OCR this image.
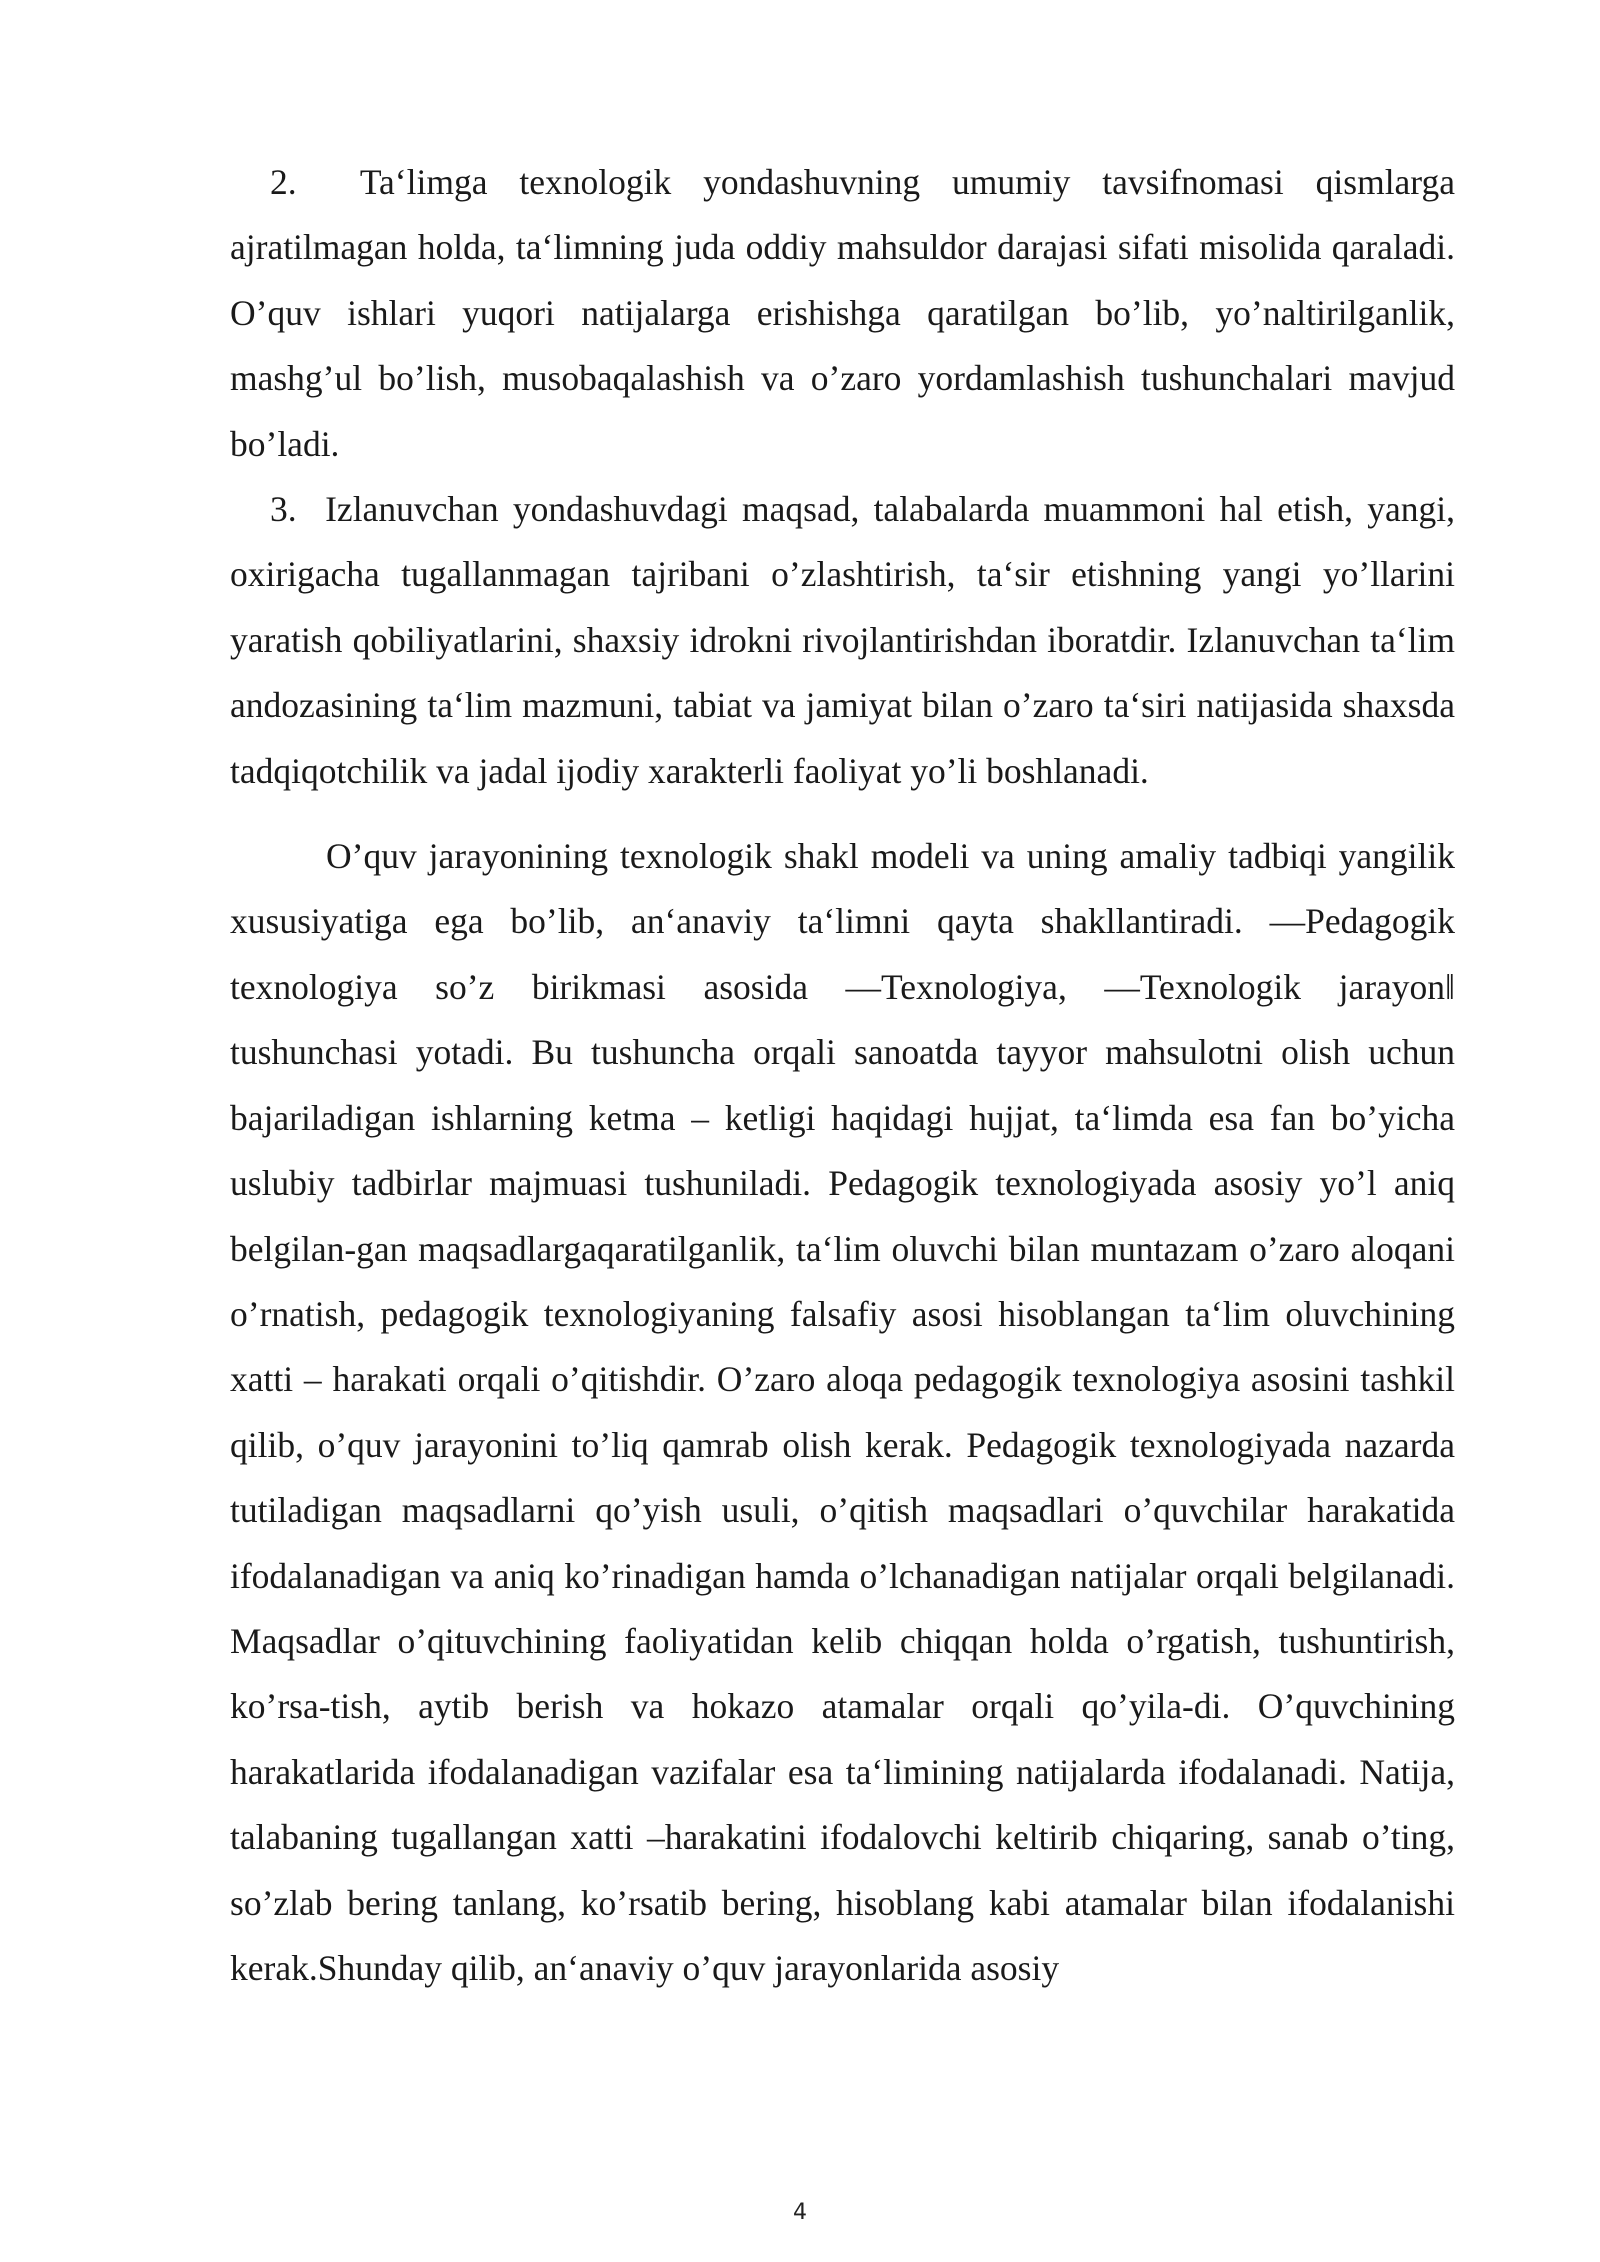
2.  Ta‘limga texnologik yondashuvning umumiy tavsifnomasi qismlarga ajratilmagan holda, ta‘limning juda oddiy mahsuldor darajasi sifati misolida qaraladi. O’quv ishlari yuqori natijalarga erishishga qaratilgan bo’lib, yo’naltirilganlik, mashg’ul bo’lish, musobaqalashish va o’zaro yordamlashish tushunchalari mavjud bo’ladi.

3.  Izlanuvchan yondashuvdagi maqsad, talabalarda muammoni hal etish, yangi, oxirigacha tugallanmagan tajribani o’zlashtirish, ta‘sir etishning yangi yo’llarini yaratish qobiliyatlarini, shaxsiy idrokni rivojlantirishdan iboratdir. Izlanuvchan ta‘lim andozasining ta‘lim mazmuni, tabiat va jamiyat bilan o’zaro ta‘siri natijasida shaxsda tadqiqotchilik va jadal ijodiy xarakterli faoliyat yo’li boshlanadi.

O’quv jarayonining texnologik shakl modeli va uning amaliy tadbiqi yangilik xususiyatiga ega bo’lib, an‘anaviy ta‘limni qayta shakllantiradi. —Pedagogik texnologiya so’z birikmasi asosida —Texnologiya, —Texnologik jarayon‖ tushunchasi yotadi. Bu tushuncha orqali sanoatda tayyor mahsulotni olish uchun bajariladigan ishlarning ketma – ketligi haqidagi hujjat, ta‘limda esa fan bo’yicha uslubiy tadbirlar majmuasi tushuniladi. Pedagogik texnologiyada asosiy yo’l aniq belgilan-gan maqsadlargaqaratilganlik, ta‘lim oluvchi bilan muntazam o’zaro aloqani o’rnatish, pedagogik texnologiyaning falsafiy asosi hisoblangan ta‘lim oluvchining xatti – harakati orqali o’qitishdir. O’zaro aloqa pedagogik texnologiya asosini tashkil qilib, o’quv jarayonini to’liq qamrab olish kerak. Pedagogik texnologiyada nazarda tutiladigan maqsadlarni qo’yish usuli, o’qitish maqsadlari o’quvchilar harakatida ifodalanadigan va aniq ko’rinadigan hamda o’lchanadigan natijalar orqali belgilanadi. Maqsadlar o’qituvchining faoliyatidan kelib chiqqan holda o’rgatish, tushuntirish, ko’rsa-tish, aytib berish va hokazo atamalar orqali qo’yila-di. O’quvchining harakatlarida ifodalanadigan vazifalar esa ta‘limining natijalarda ifodalanadi. Natija, talabaning tugallangan xatti –harakatini ifodalovchi keltirib chiqaring, sanab o’ting, so’zlab bering tanlang, ko’rsatib bering, hisoblang kabi atamalar bilan ifodalanishi kerak.Shunday qilib, an‘anaviy o’quv jarayonlarida asosiy

4
